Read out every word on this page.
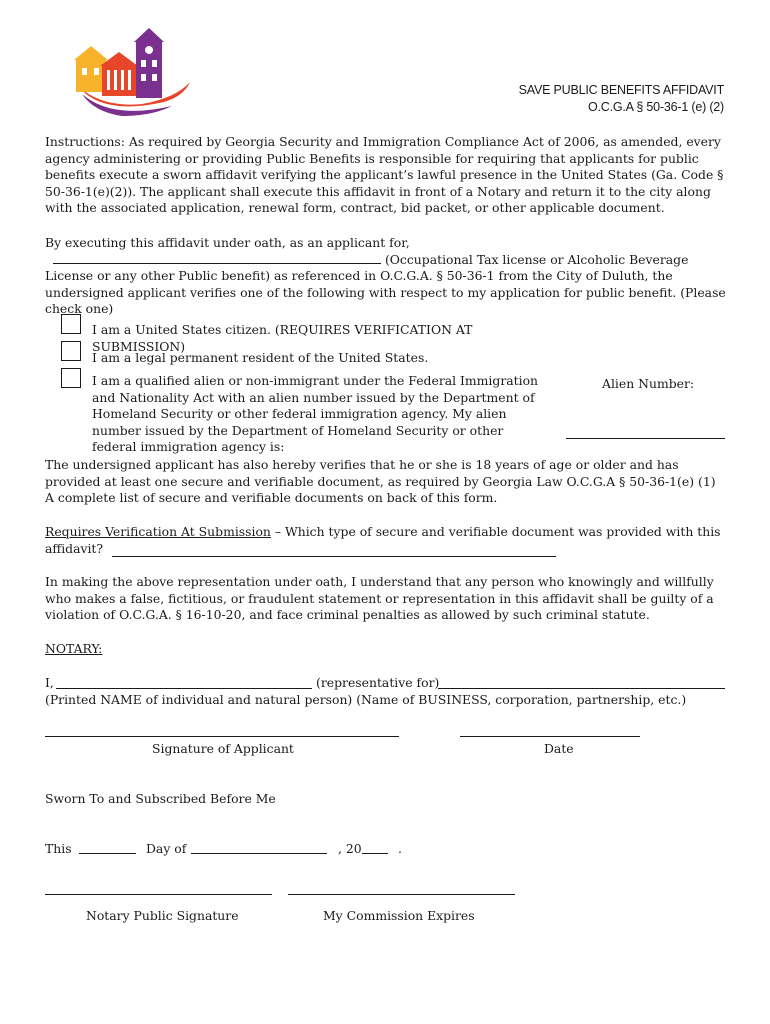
SAVE PUBLIC BENEFITS AFFIDAVIT
O.C.G.A § 50-36-1 (e) (2)
Instructions: As required by Georgia Security and Immigration Compliance Act of 2006, as amended, every agency administering or providing Public Benefits is responsible for requiring that applicants for public benefits execute a sworn affidavit verifying the applicant’s lawful presence in the United States (Ga. Code § 50-36-1(e)(2)). The applicant shall execute this affidavit in front of a Notary and return it to the city along with the associated application, renewal form, contract, bid packet, or other applicable document.
By executing this affidavit under oath, as an applicant for,  (Occupational Tax license or Alcoholic Beverage License or any other Public benefit) as referenced in O.C.G.A. § 50-36-1 from the City of Duluth, the undersigned applicant verifies one of the following with respect to my application for public benefit. (Please check one)
I am a United States citizen. (REQUIRES VERIFICATION AT SUBMISSION)
I am a legal permanent resident of the United States.
I am a qualified alien or non-immigrant under the Federal Immigration and Nationality Act with an alien number issued by the Department of Homeland Security or other federal immigration agency. My alien number issued by the Department of Homeland Security or other federal immigration agency is:
Alien Number:
The undersigned applicant has also hereby verifies that he or she is 18 years of age or older and has provided at least one secure and verifiable document, as required by Georgia Law O.C.G.A § 50-36-1(e) (1) A complete list of secure and verifiable documents on back of this form.
Requires Verification At Submission – Which type of secure and verifiable document was provided with this affidavit?
In making the above representation under oath, I understand that any person who knowingly and willfully who makes a false, fictitious, or fraudulent statement or representation in this affidavit shall be guilty of a violation of O.C.G.A. § 16-10-20, and face criminal penalties as allowed by such criminal statute.
NOTARY:
I,	(representative for)
(Printed NAME of individual and natural person) (Name of BUSINESS, corporation, partnership, etc.)
Signature of Applicant	Date
Sworn To and Subscribed Before Me
This	Day of	, 20	.
Notary Public Signature	My Commission Expires
